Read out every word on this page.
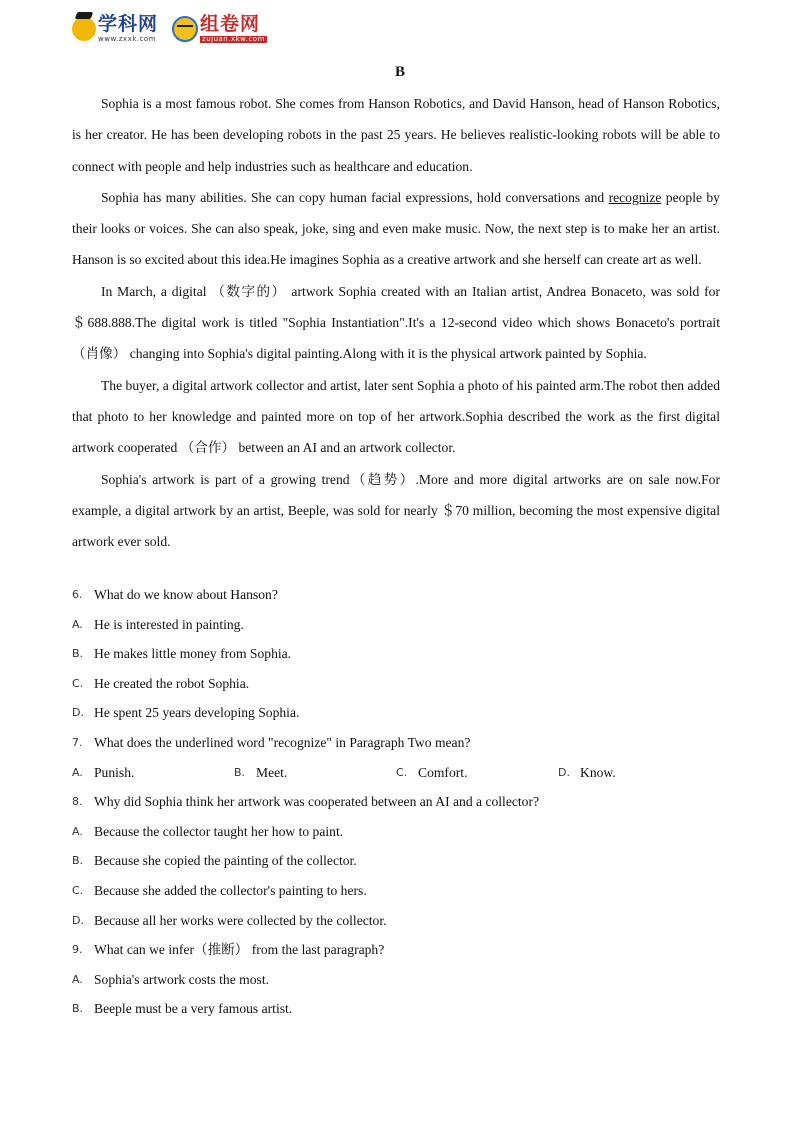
学科网
www.zxxk.com
组卷网
zujuan.xkw.com
B

Sophia is a most famous robot. She comes from Hanson Robotics, and David Hanson, head of Hanson Robotics, is her creator. He has been developing robots in the past 25 years. He believes realistic‐looking robots will be able to connect with people and help industries such as healthcare and education.

Sophia has many abilities. She can copy human facial expressions, hold conversations and recognize people by their looks or voices. She can also speak, joke, sing and even make music. Now, the next step is to make her an artist. Hanson is so excited about this idea.He imagines Sophia as a creative artwork and she herself can create art as well.

In March, a digital （数字的） artwork Sophia created with an Italian artist, Andrea Bonaceto, was sold for ＄688.888.The digital work is titled "Sophia Instantiation".It's a 12‐second video which shows Bonaceto's portrait （肖像） changing into Sophia's digital painting.Along with it is the physical artwork painted by Sophia.

The buyer, a digital artwork collector and artist, later sent Sophia a photo of his painted arm.The robot then added that photo to her knowledge and painted more on top of her artwork.Sophia described the work as the first digital artwork cooperated （合作） between an AI and an artwork collector.

Sophia's artwork is part of a growing trend（趋势）.More and more digital artworks are on sale now.For example, a digital artwork by an artist, Beeple, was sold for nearly ＄70 million, becoming the most expensive digital artwork ever sold.

6. What do we know about Hanson?
A. He is interested in painting.
B. He makes little money from Sophia.
C. He created the robot Sophia.
D. He spent 25 years developing Sophia.
7. What does the underlined word "recognize" in Paragraph Two mean?
A. Punish.	B. Meet.	C. Comfort.	D. Know.
8. Why did Sophia think her artwork was cooperated between an AI and a collector?
A. Because the collector taught her how to paint.
B. Because she copied the painting of the collector.
C. Because she added the collector's painting to hers.
D. Because all her works were collected by the collector.
9. What can we infer（推断） from the last paragraph?
A. Sophia's artwork costs the most.
B. Beeple must be a very famous artist.
